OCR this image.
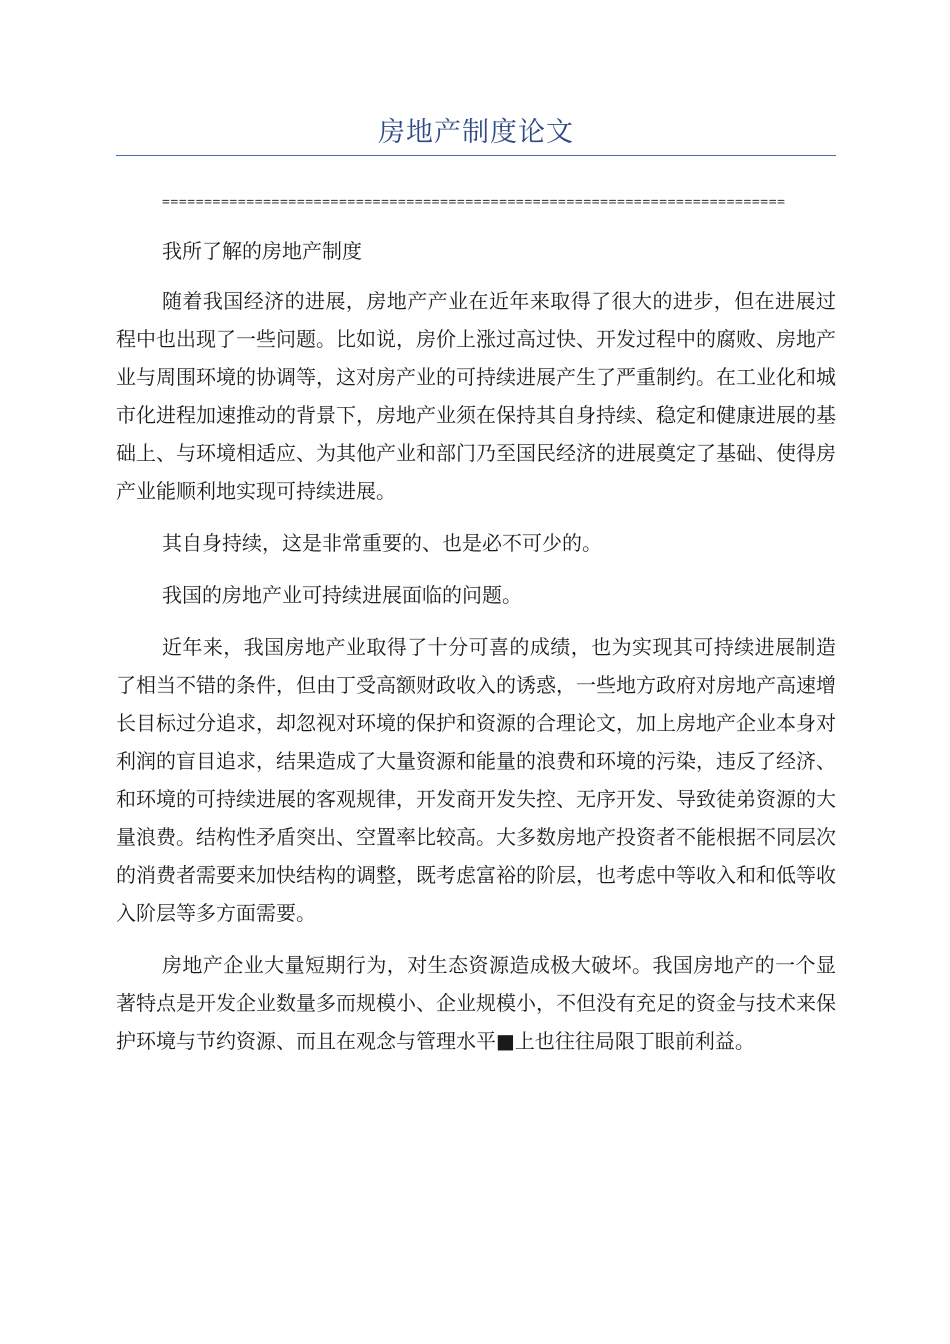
房地产制度论文
==========================================================================

我所了解的房地产制度

随着我国经济的进展，房地产产业在近年来取得了很大的进步，但在进展过程中也出现了一些问题。比如说，房价上涨过高过快、开发过程中的腐败、房地产业与周围环境的协调等，这对房产业的可持续进展产生了严重制约。在工业化和城市化进程加速推动的背景下，房地产业须在保持其自身持续、稳定和健康进展的基础上、与环境相适应、为其他产业和部门乃至国民经济的进展奠定了基础、使得房产业能顺利地实现可持续进展。

其自身持续，这是非常重要的、也是必不可少的。

我国的房地产业可持续进展面临的问题。

近年来，我国房地产业取得了十分可喜的成绩，也为实现其可持续进展制造了相当不错的条件，但由丁受高额财政收入的诱惑，一些地方政府对房地产高速增长目标过分追求，却忽视对环境的保护和资源的合理论文，加上房地产企业本身对利润的盲目追求，结果造成了大量资源和能量的浪费和环境的污染，违反了经济、和环境的可持续进展的客观规律，开发商开发失控、无序开发、导致徒弟资源的大量浪费。结构性矛盾突出、空置率比较高。大多数房地产投资者不能根据不同层次的消费者需要来加快结构的调整，既考虑富裕的阶层，也考虑中等收入和和低等收入阶层等多方面需要。

房地产企业大量短期行为，对生态资源造成极大破坏。我国房地产的一个显著特点是开发企业数量多而规模小、企业规模小，不但没有充足的资金与技术来保护环境与节约资源、而且在观念与管理水平■上也往往局限丁眼前利益。
